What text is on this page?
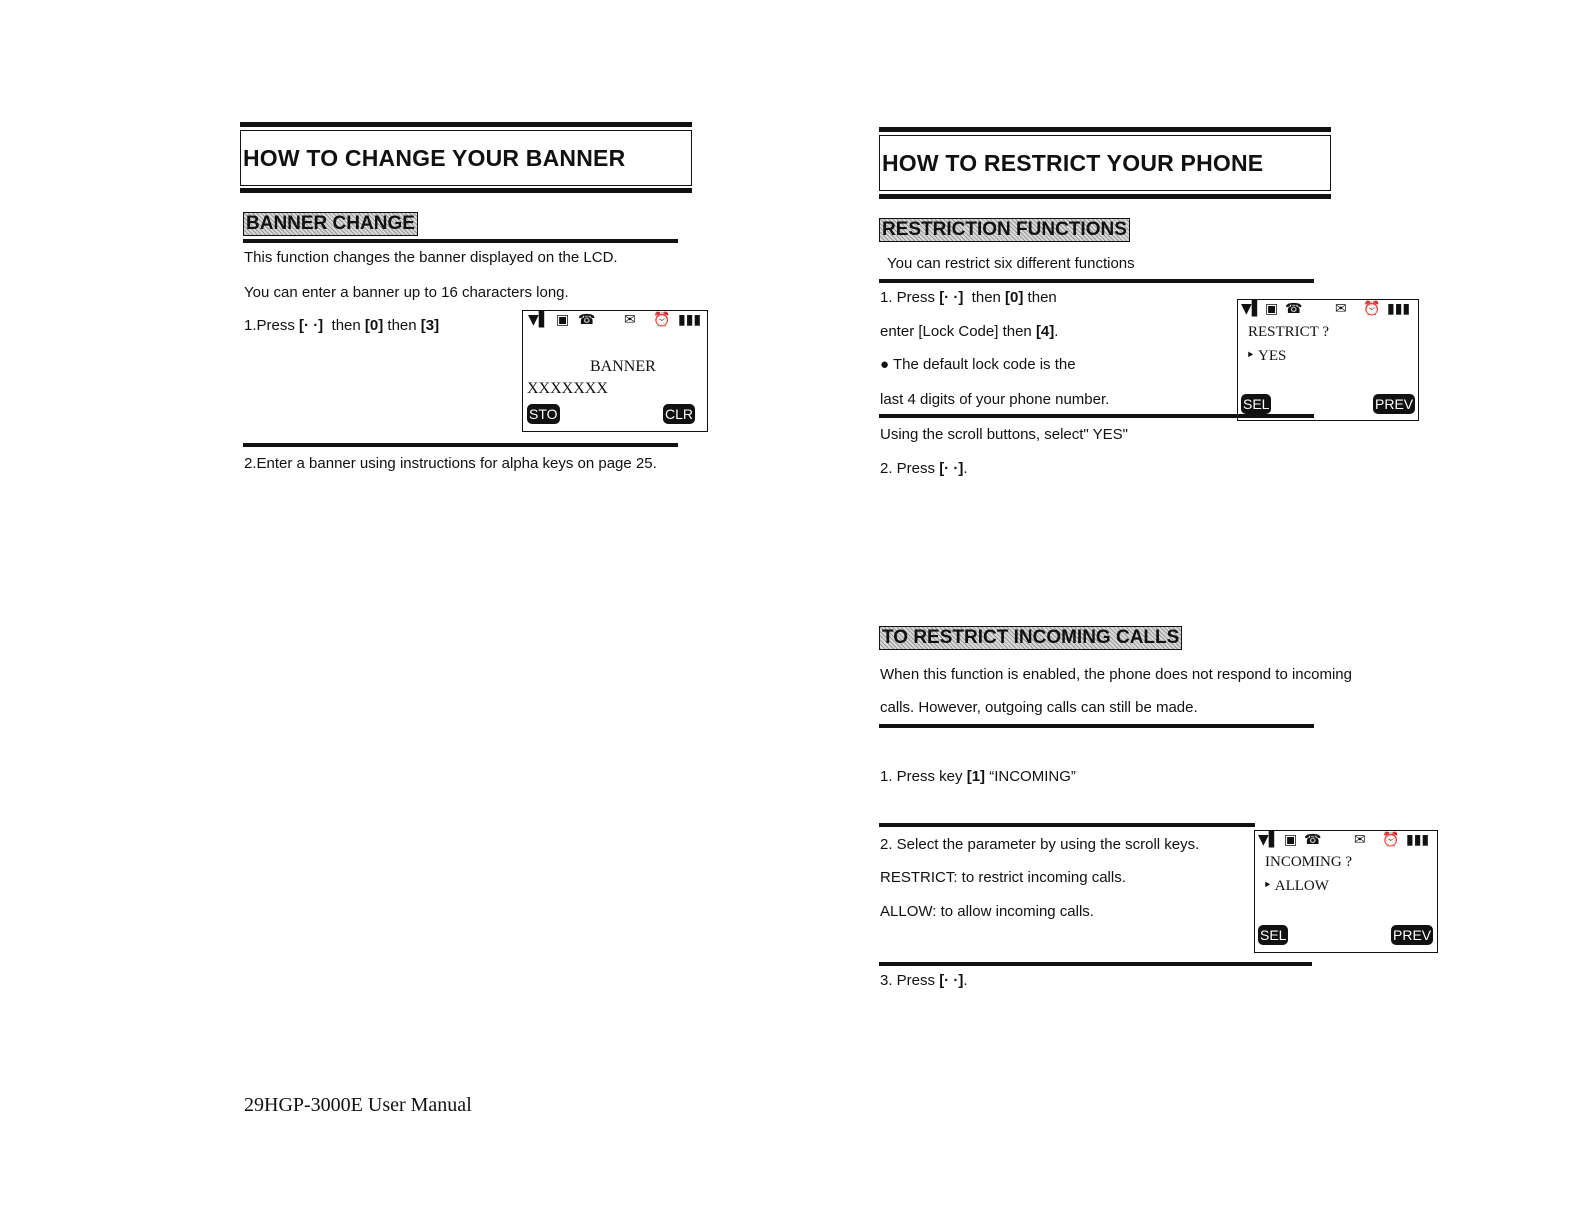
HOW TO CHANGE YOUR BANNER
BANNER CHANGE
This function changes the banner displayed on the LCD.
You can enter a banner up to 16 characters long.
1.Press [· ·]  then [0] then [3]	▼▌ ▣ ☎ ✉ ⏰ ▮▮▮
BANNER
XXXXXXX
STO	CLR
2.Enter a banner using instructions for alpha keys on page 25.
29HGP-3000E User Manual
HOW TO RESTRICT YOUR PHONE
RESTRICTION FUNCTIONS
You can restrict six different functions
1. Press [· ·]  then [0] then
enter [Lock Code] then [4].
● The default lock code is the
last 4 digits of your phone number.
▼▌ ▣ ☎ ✉ ⏰ ▮▮▮
RESTRICT ?
‣ YES
SEL	PREV
Using the scroll buttons, select" YES"
2. Press [· ·].
TO RESTRICT INCOMING CALLS
When this function is enabled, the phone does not respond to incoming
calls. However, outgoing calls can still be made.
1. Press key [1] “INCOMING”
2. Select the parameter by using the scroll keys.
RESTRICT: to restrict incoming calls.
ALLOW: to allow incoming calls.
▼▌ ▣ ☎ ✉ ⏰ ▮▮▮
INCOMING ?
‣ ALLOW
SEL	PREV
3. Press [· ·].
